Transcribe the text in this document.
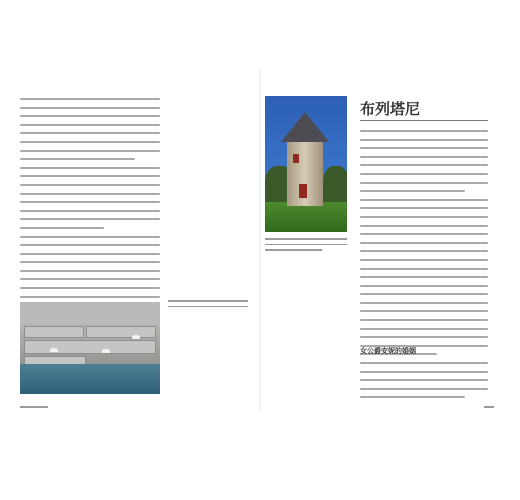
布列塔尼
女公爵安妮的婚姻
